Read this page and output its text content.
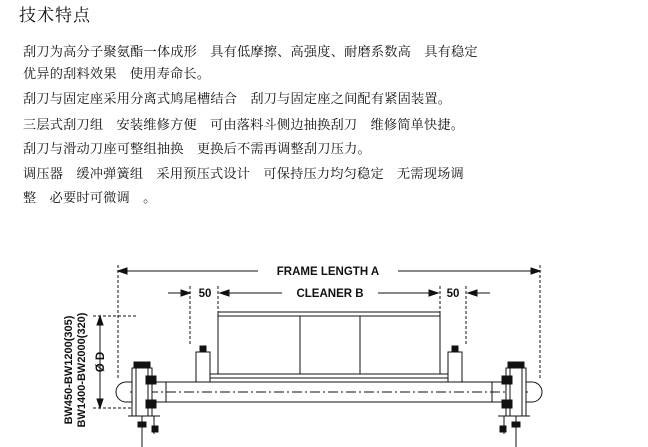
技术特点
刮刀为高分子聚氨酯一体成形   具有低摩擦、高强度、耐磨系数高   具有稳定
优异的刮料效果   使用寿命长。
刮刀与固定座采用分离式鸠尾槽结合   刮刀与固定座之间配有紧固装置。
三层式刮刀组   安装维修方便   可由落料斗侧边抽换刮刀   维修简单快捷。
刮刀与滑动刀座可整组抽换   更换后不需再调整刮刀压力。
调压器   缓冲弹簧组   采用预压式设计   可保持压力均匀稳定   无需现场调
整   必要时可微调   。
FRAME LENGTH A
50	CLEANER B	50
Ø D
BW450-BW1200(305) BW1400-BW2000(320)
